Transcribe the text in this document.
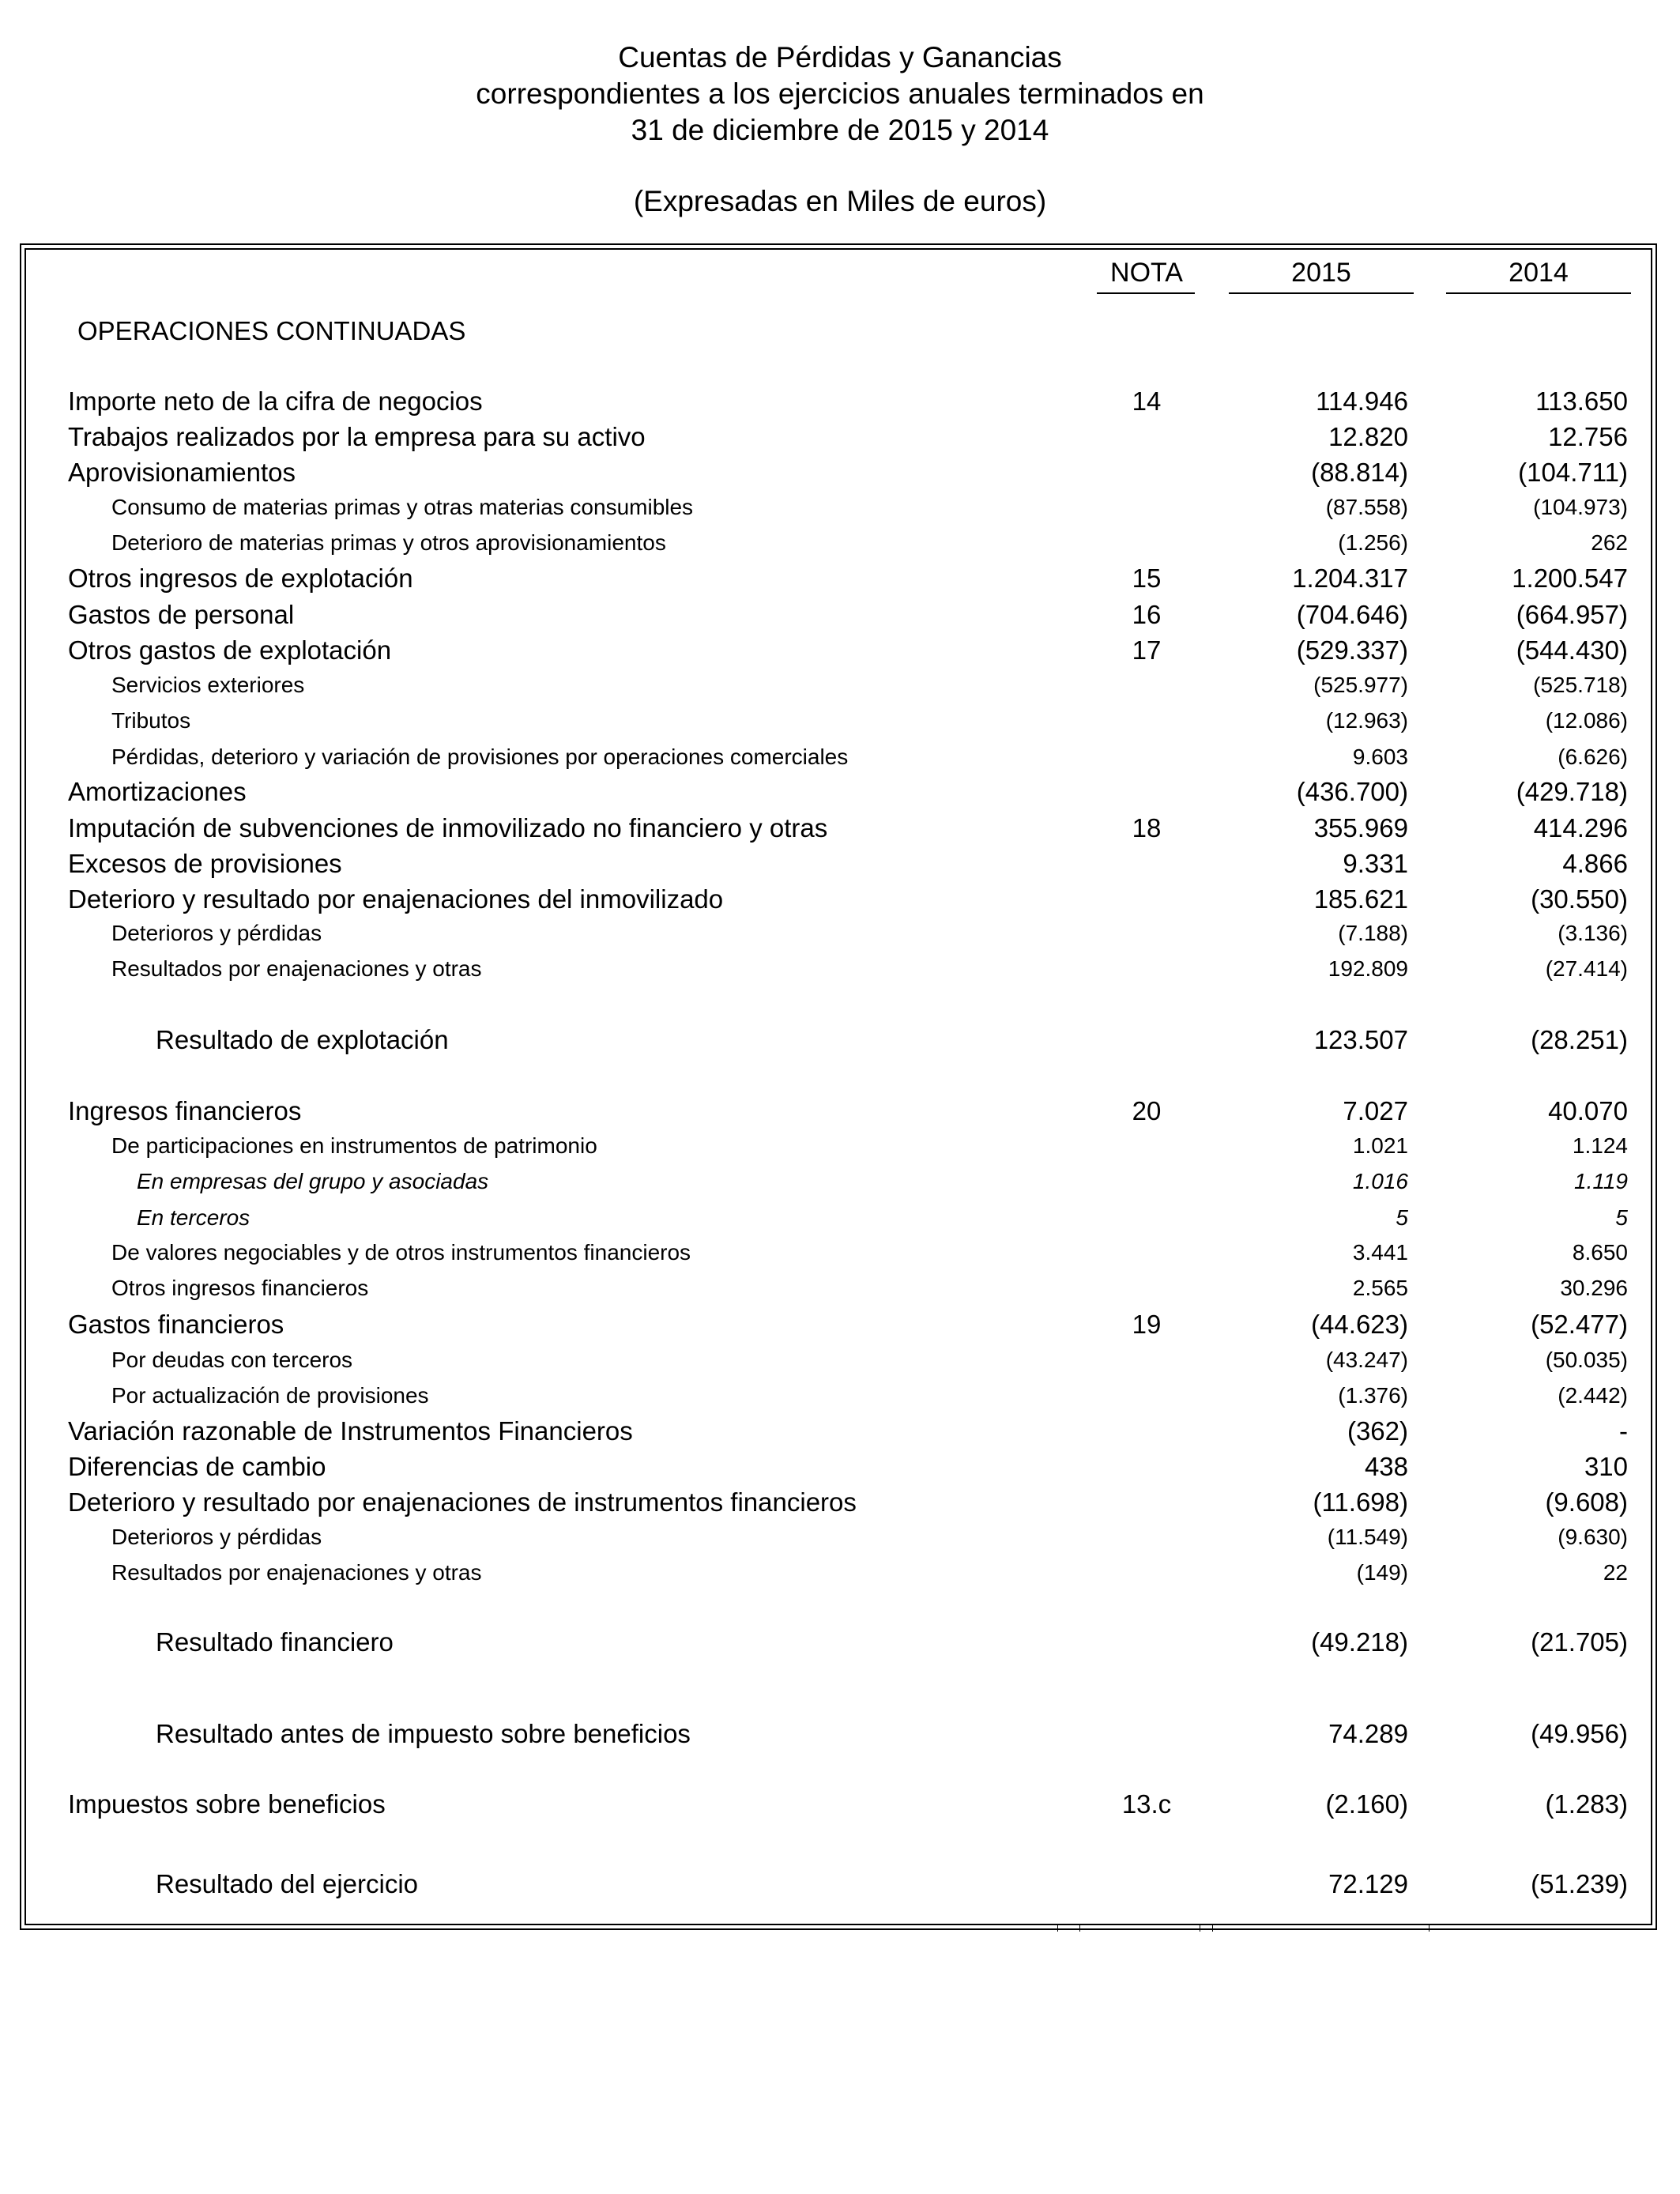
Cuentas de Pérdidas y Ganancias
correspondientes a los ejercicios anuales terminados en
31 de diciembre de 2015 y 2014
(Expresadas en Miles de euros)
NOTA	2015	2014
OPERACIONES CONTINUADAS
Importe neto de la cifra de negocios	14	114.946	113.650
Trabajos realizados por la empresa para su activo	12.820	12.756
Aprovisionamientos	(88.814)	(104.711)
Consumo de materias primas y otras materias consumibles	(87.558)	(104.973)
Deterioro de materias primas y otros aprovisionamientos	(1.256)	262
Otros ingresos de explotación	15	1.204.317	1.200.547
Gastos de personal	16	(704.646)	(664.957)
Otros gastos de explotación	17	(529.337)	(544.430)
Servicios exteriores	(525.977)	(525.718)
Tributos	(12.963)	(12.086)
Pérdidas, deterioro y variación de provisiones por operaciones comerciales	9.603	(6.626)
Amortizaciones	(436.700)	(429.718)
Imputación de subvenciones de inmovilizado no financiero y otras	18	355.969	414.296
Excesos de provisiones	9.331	4.866
Deterioro y resultado por enajenaciones del inmovilizado	185.621	(30.550)
Deterioros y pérdidas	(7.188)	(3.136)
Resultados por enajenaciones y otras	192.809	(27.414)
Resultado de explotación	123.507	(28.251)
Ingresos financieros	20	7.027	40.070
De participaciones en instrumentos de patrimonio	1.021	1.124
En empresas del grupo y asociadas	1.016	1.119
En terceros	5	5
De valores negociables y de otros instrumentos financieros	3.441	8.650
Otros ingresos financieros	2.565	30.296
Gastos financieros	19	(44.623)	(52.477)
Por deudas con terceros	(43.247)	(50.035)
Por actualización de provisiones	(1.376)	(2.442)
Variación razonable de Instrumentos Financieros	(362)	-
Diferencias de cambio	438	310
Deterioro y resultado por enajenaciones de instrumentos financieros	(11.698)	(9.608)
Deterioros y pérdidas	(11.549)	(9.630)
Resultados por enajenaciones y otras	(149)	22
Resultado financiero	(49.218)	(21.705)
Resultado antes de impuesto sobre beneficios	74.289	(49.956)
Impuestos sobre beneficios	13.c	(2.160)	(1.283)
Resultado del ejercicio	72.129	(51.239)
